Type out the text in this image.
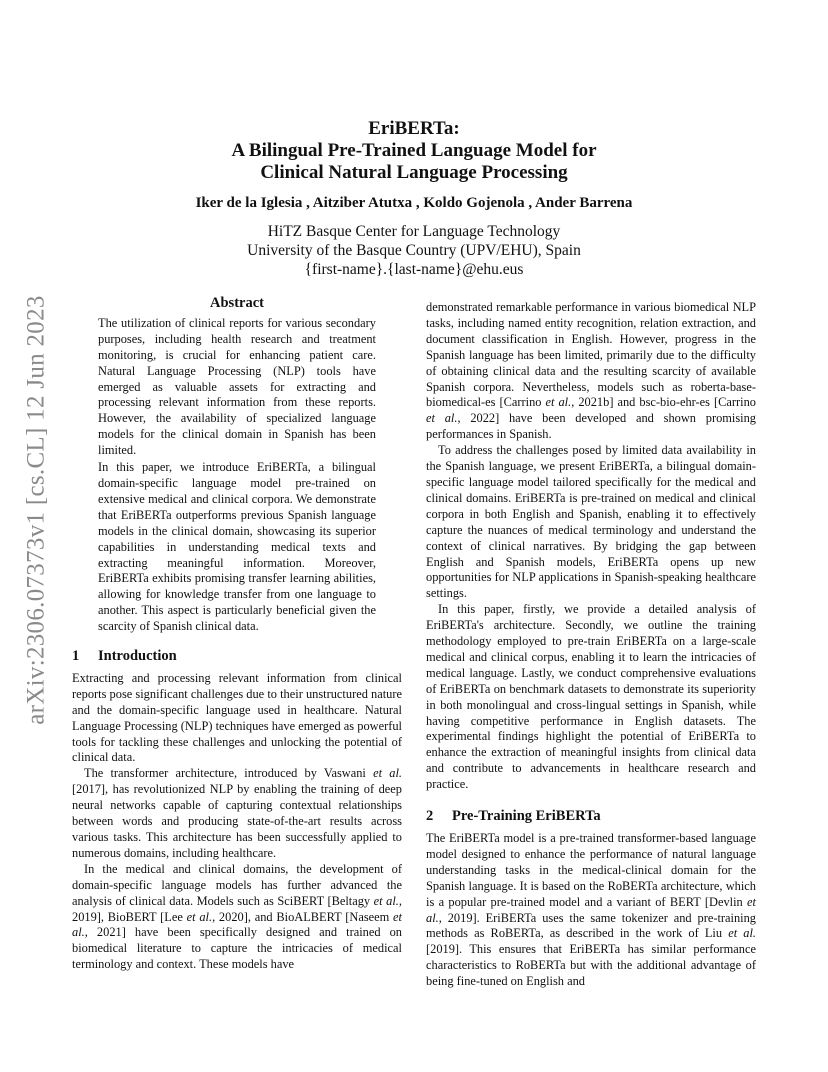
arXiv:2306.07373v1 [cs.CL] 12 Jun 2023
EriBERTa:
A Bilingual Pre-Trained Language Model for
Clinical Natural Language Processing
Iker de la Iglesia , Aitziber Atutxa , Koldo Gojenola , Ander Barrena
HiTZ Basque Center for Language Technology
University of the Basque Country (UPV/EHU), Spain
{first-name}.{last-name}@ehu.eus
Abstract

The utilization of clinical reports for various secondary purposes, including health research and treatment monitoring, is crucial for enhancing patient care. Natural Language Processing (NLP) tools have emerged as valuable assets for extracting and processing relevant information from these reports. However, the availability of specialized language models for the clinical domain in Spanish has been limited.

In this paper, we introduce EriBERTa, a bilingual domain-specific language model pre-trained on extensive medical and clinical corpora. We demonstrate that EriBERTa outperforms previous Spanish language models in the clinical domain, showcasing its superior capabilities in understanding medical texts and extracting meaningful information. Moreover, EriBERTa exhibits promising transfer learning abilities, allowing for knowledge transfer from one language to another. This aspect is particularly beneficial given the scarcity of Spanish clinical data.

1 Introduction

Extracting and processing relevant information from clinical reports pose significant challenges due to their unstructured nature and the domain-specific language used in healthcare. Natural Language Processing (NLP) techniques have emerged as powerful tools for tackling these challenges and unlocking the potential of clinical data.

The transformer architecture, introduced by Vaswani et al. [2017], has revolutionized NLP by enabling the training of deep neural networks capable of capturing contextual relationships between words and producing state-of-the-art results across various tasks. This architecture has been successfully applied to numerous domains, including healthcare.

In the medical and clinical domains, the development of domain-specific language models has further advanced the analysis of clinical data. Models such as SciBERT [Beltagy et al., 2019], BioBERT [Lee et al., 2020], and BioALBERT [Naseem et al., 2021] have been specifically designed and trained on biomedical literature to capture the intricacies of medical terminology and context. These models have

demonstrated remarkable performance in various biomedical NLP tasks, including named entity recognition, relation extraction, and document classification in English. However, progress in the Spanish language has been limited, primarily due to the difficulty of obtaining clinical data and the resulting scarcity of available Spanish corpora. Nevertheless, models such as roberta-base-biomedical-es [Carrino et al., 2021b] and bsc-bio-ehr-es [Carrino et al., 2022] have been developed and shown promising performances in Spanish.

To address the challenges posed by limited data availability in the Spanish language, we present EriBERTa, a bilingual domain-specific language model tailored specifically for the medical and clinical domains. EriBERTa is pre-trained on medical and clinical corpora in both English and Spanish, enabling it to effectively capture the nuances of medical terminology and understand the context of clinical narratives. By bridging the gap between English and Spanish models, EriBERTa opens up new opportunities for NLP applications in Spanish-speaking healthcare settings.

In this paper, firstly, we provide a detailed analysis of EriBERTa's architecture. Secondly, we outline the training methodology employed to pre-train EriBERTa on a large-scale medical and clinical corpus, enabling it to learn the intricacies of medical language. Lastly, we conduct comprehensive evaluations of EriBERTa on benchmark datasets to demonstrate its superiority in both monolingual and cross-lingual settings in Spanish, while having competitive performance in English datasets. The experimental findings highlight the potential of EriBERTa to enhance the extraction of meaningful insights from clinical data and contribute to advancements in healthcare research and practice.

2 Pre-Training EriBERTa

The EriBERTa model is a pre-trained transformer-based language model designed to enhance the performance of natural language understanding tasks in the medical-clinical domain for the Spanish language. It is based on the RoBERTa architecture, which is a popular pre-trained model and a variant of BERT [Devlin et al., 2019]. EriBERTa uses the same tokenizer and pre-training methods as RoBERTa, as described in the work of Liu et al. [2019]. This ensures that EriBERTa has similar performance characteristics to RoBERTa but with the additional advantage of being fine-tuned on English and
